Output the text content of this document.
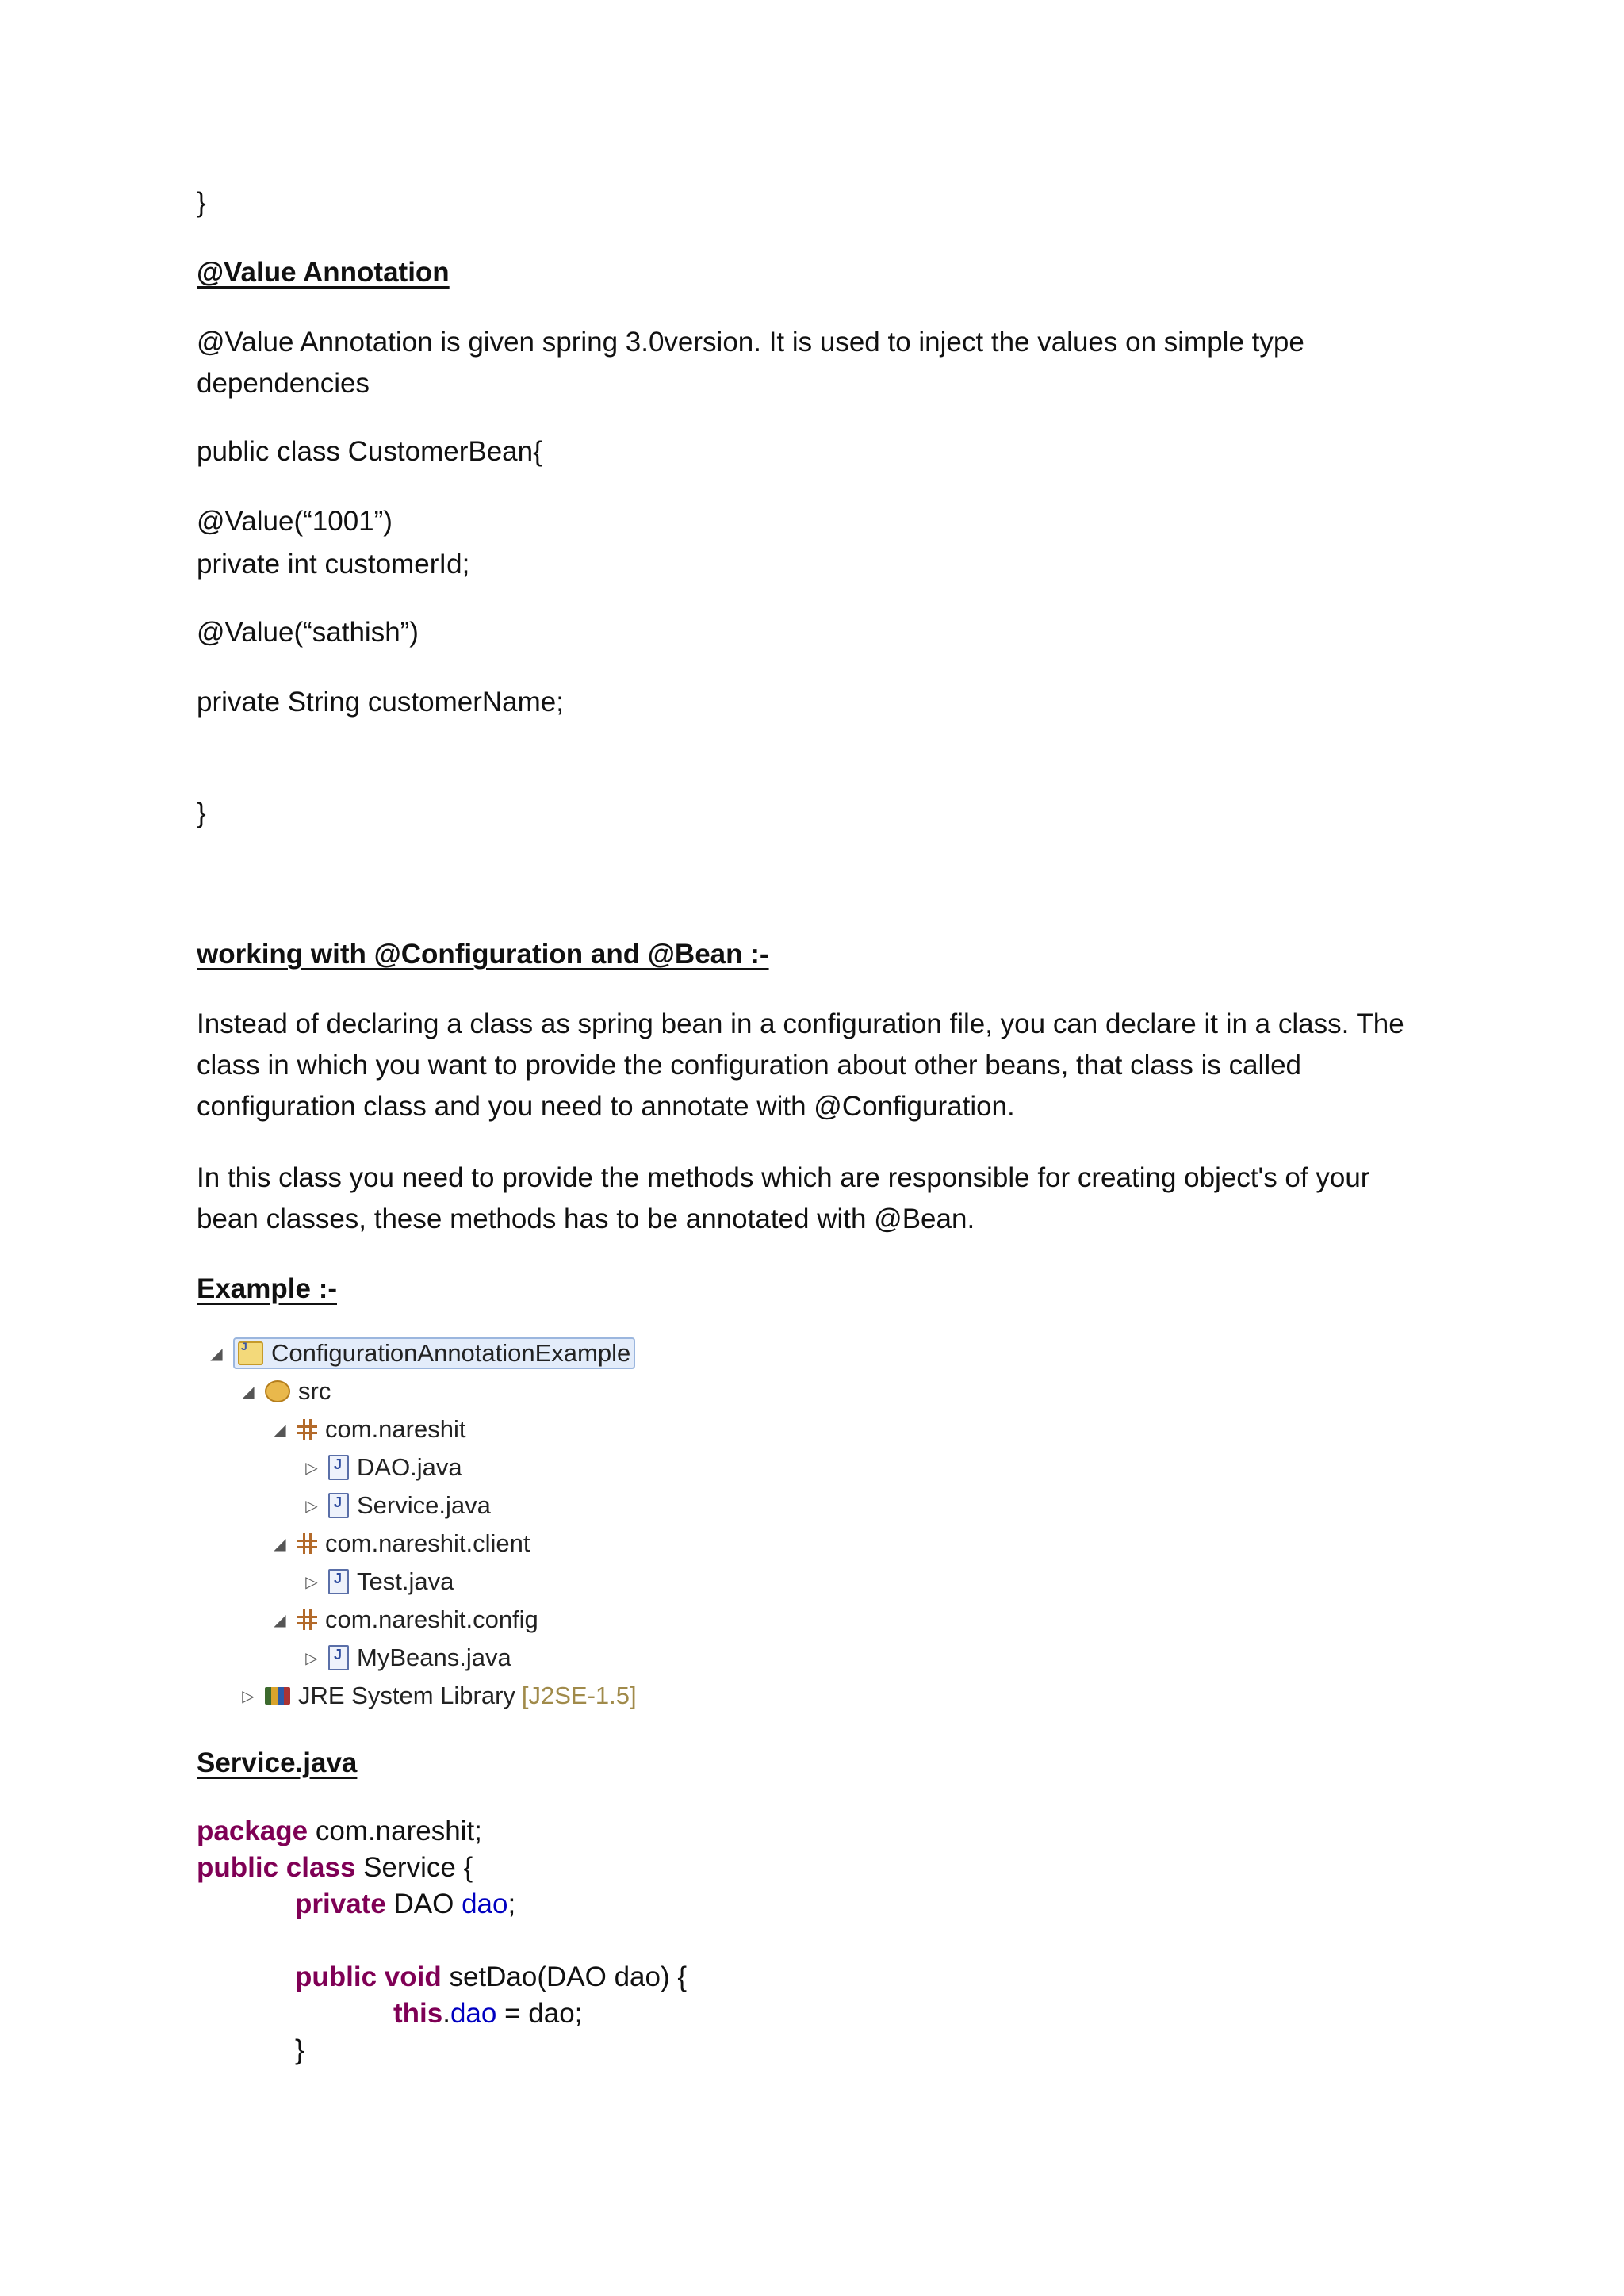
}

@Value Annotation

@Value Annotation is given spring 3.0version. It is used to inject the values on simple type dependencies

public class CustomerBean{

@Value(“1001”)

private int customerId;

@Value(“sathish”)

private String customerName;

}

working with @Configuration and @Bean :-

Instead of declaring a class as spring bean in a configuration file, you can declare it in a class. The class in which you want to provide the configuration about other beans, that class is called configuration class and you need to annotate with @Configuration.

In this class you need to provide the methods which are responsible for creating object's of your bean classes, these methods has to be annotated with @Bean.

Example :-

◢ J ConfigurationAnnotationExample
◢ src
◢ com.nareshit
▷ J DAO.java
▷ J Service.java
◢ com.nareshit.client
▷ J Test.java
◢ com.nareshit.config
▷ J MyBeans.java
▷ JRE System Library [J2SE-1.5]

Service.java

package com.nareshit;

public class Service {

private DAO dao;

public void setDao(DAO dao) {

this.dao = dao;

}
